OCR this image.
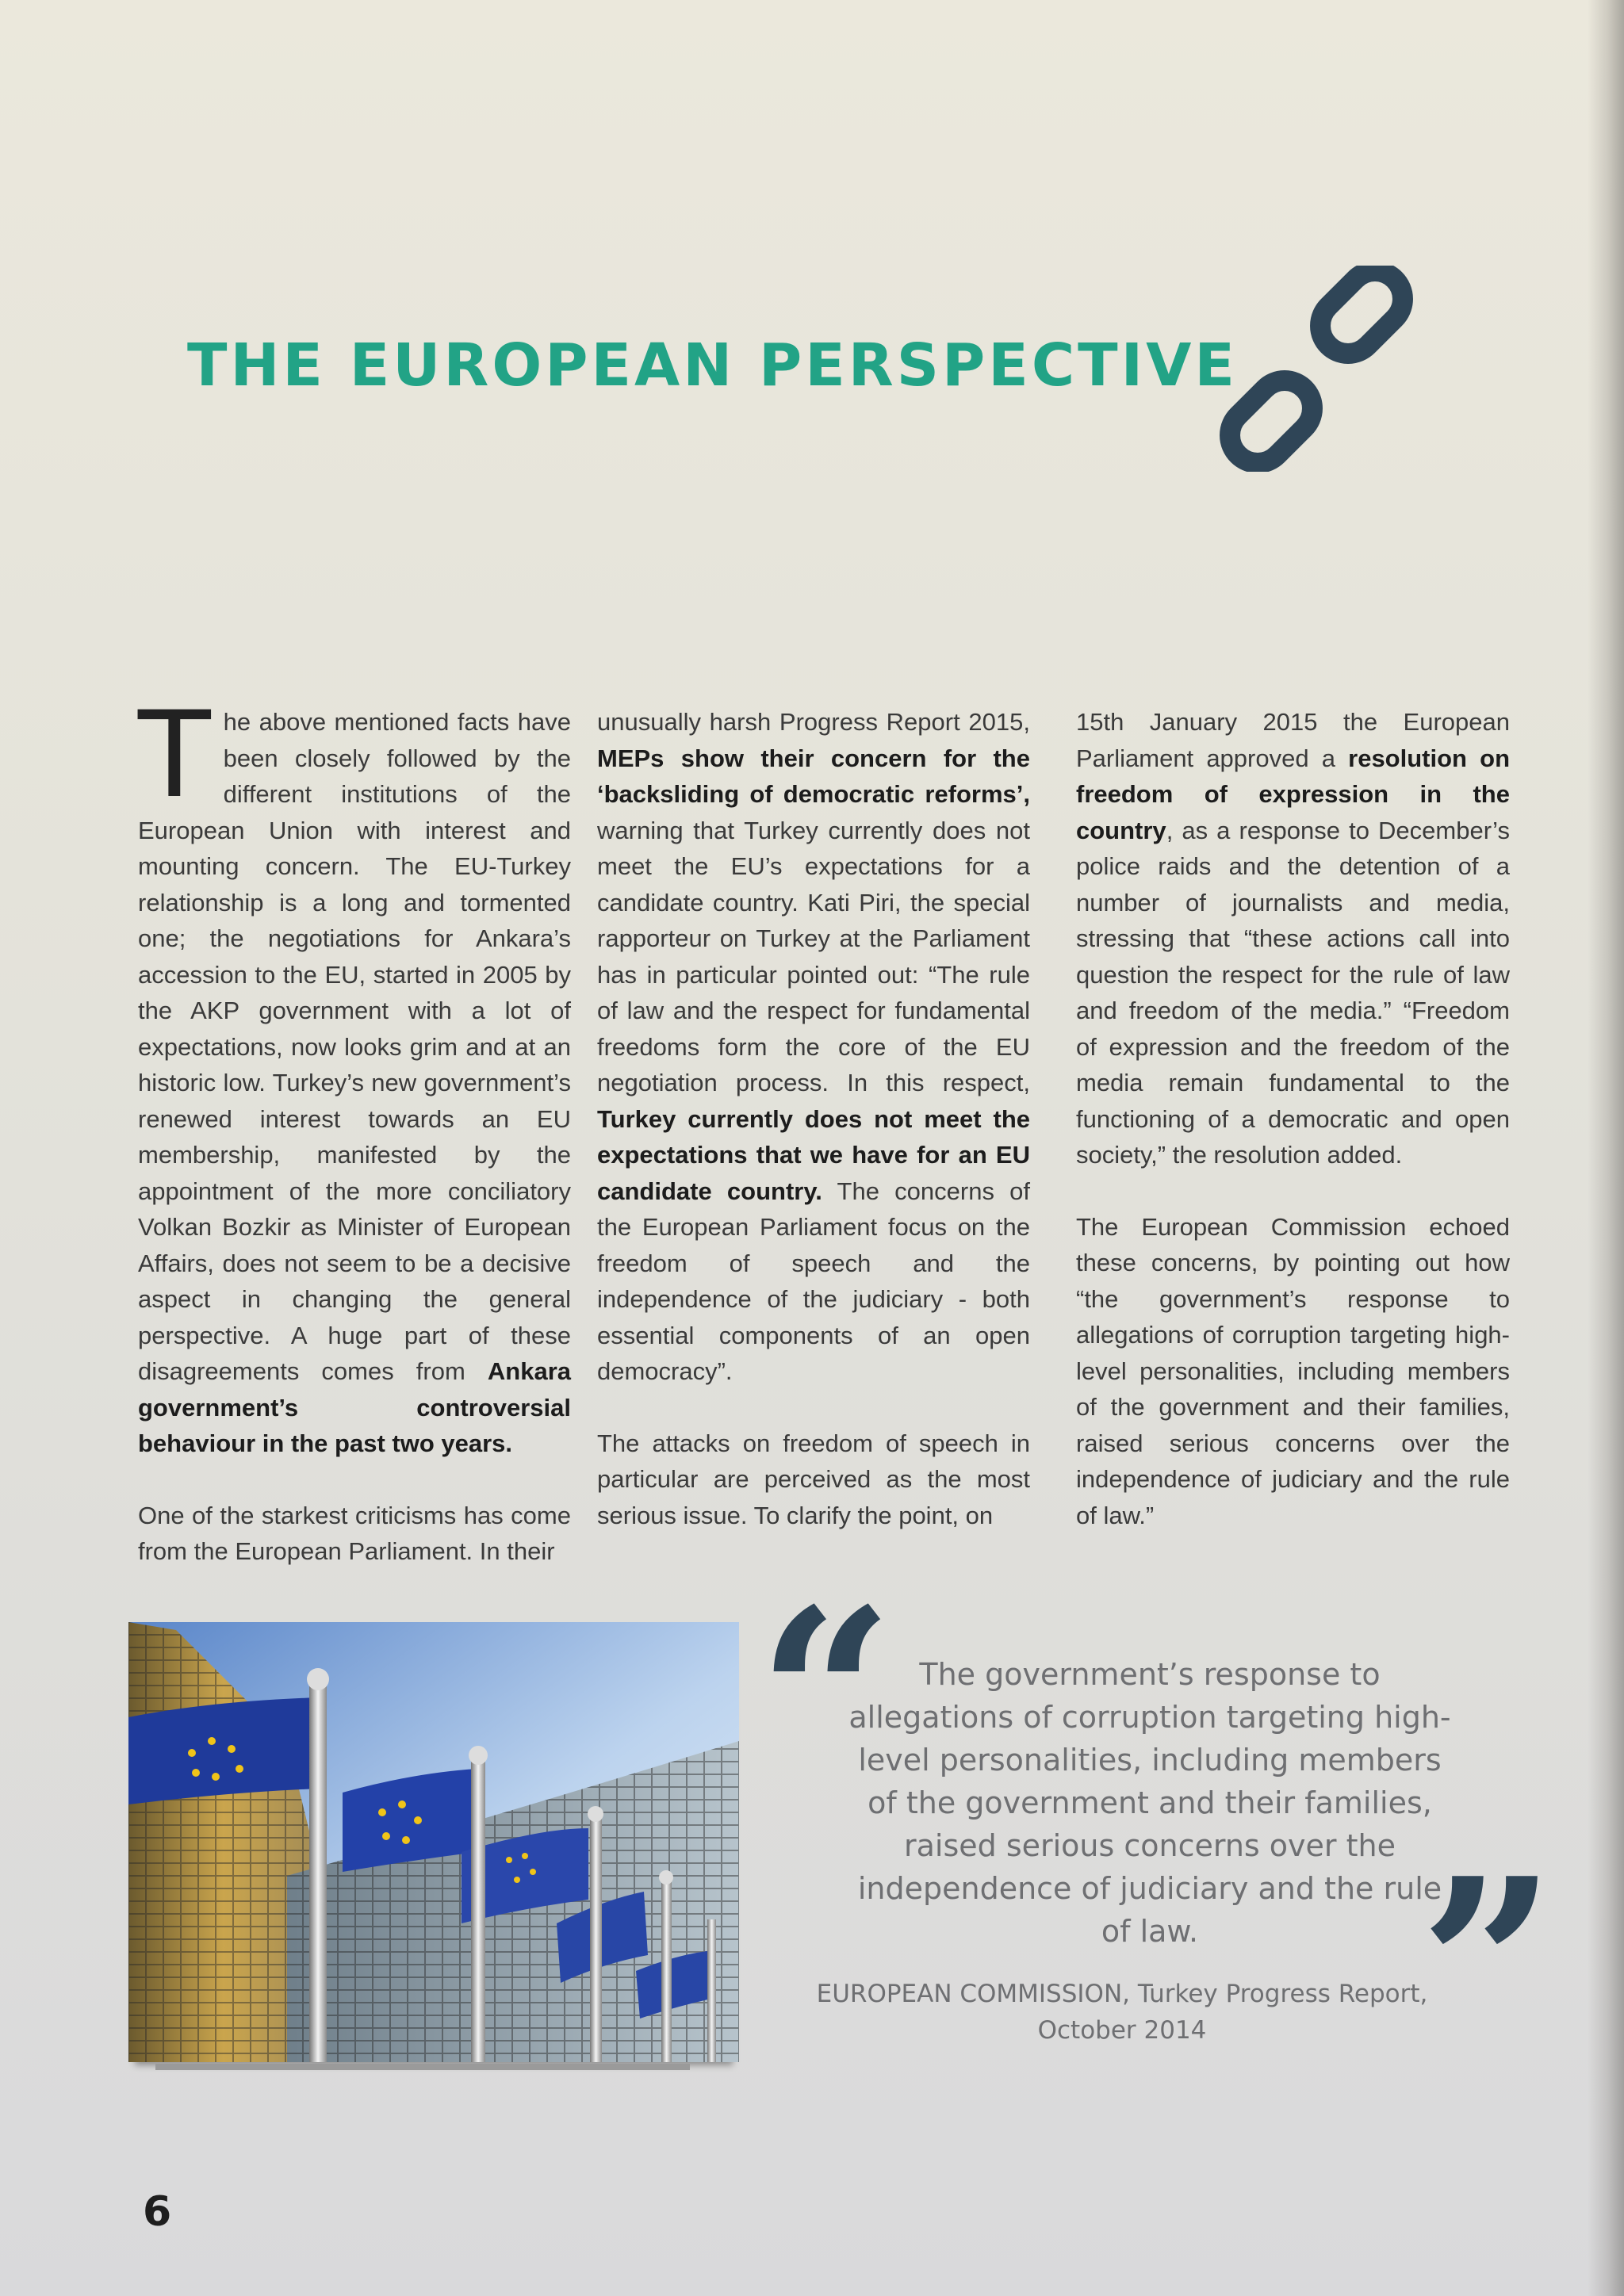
THE EUROPEAN PERSPECTIVE

The above mentioned facts have been closely followed by the different institutions of the European Union with interest and mounting concern. The EU-Turkey relationship is a long and tormented one; the negotiations for Ankara’s accession to the EU, started in 2005 by the AKP government with a lot of expectations, now looks grim and at an historic low. Turkey’s new government’s renewed interest towards an EU membership, manifested by the appointment of the more conciliatory Volkan Bozkir as Minister of European Affairs, does not seem to be a decisive aspect in changing the general perspective. A huge part of these disagreements comes from Ankara government’s controversial behaviour in the past two years.

One of the starkest criticisms has come from the European Parliament. In their

unusually harsh Progress Report 2015, MEPs show their concern for the ‘backsliding of democratic reforms’, warning that Turkey currently does not meet the EU’s expectations for a candidate country. Kati Piri, the special rapporteur on Turkey at the Parliament has in particular pointed out: “The rule of law and the respect for fundamental freedoms form the core of the EU negotiation process. In this respect, Turkey currently does not meet the expectations that we have for an EU candidate country. The concerns of the European Parliament focus on the freedom of speech and the independence of the judiciary - both essential components of an open democracy”.

The attacks on freedom of speech in particular are perceived as the most serious issue. To clarify the point, on

15th January 2015 the European Parliament approved a resolution on freedom of expression in the country, as a response to December’s police raids and the detention of a number of journalists and media, stressing that “these actions call into question the respect for the rule of law and freedom of the media.” “Freedom of expression and the freedom of the media remain fundamental to the functioning of a democratic and open society,” the resolution added.

The European Commission echoed these concerns, by pointing out how “the government’s response to allegations of corruption targeting high-level personalities, including members of the government and their families, raised serious concerns over the independence of judiciary and the rule of law.”

“ The government’s response to allegations of corruption targeting high-level personalities, including members of the government and their families, raised serious concerns over the independence of judiciary and the rule of law. ”
EUROPEAN COMMISSION, Turkey Progress Report, October 2014
6
